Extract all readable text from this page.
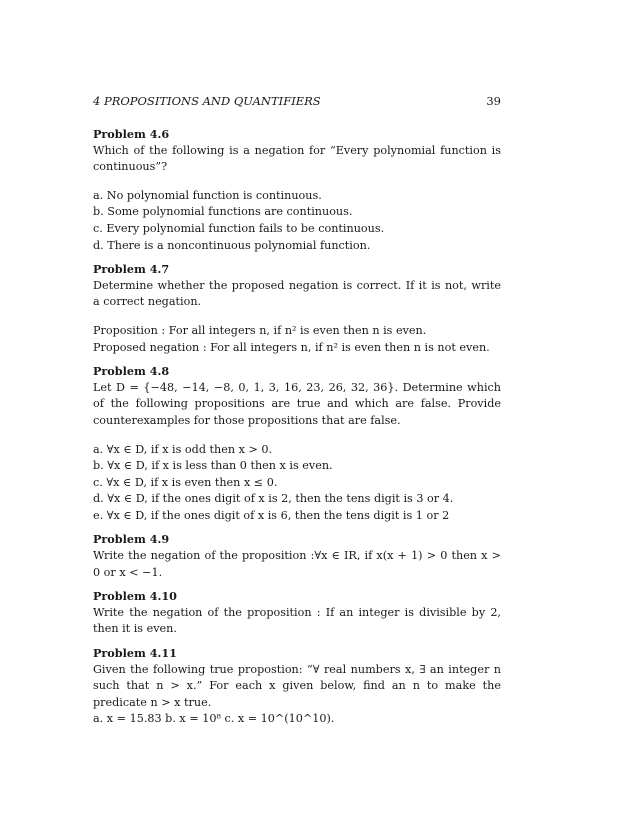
4 PROPOSITIONS AND QUANTIFIERS	39
Problem 4.6

Which of the following is a negation for “Every polynomial function is continuous”?

a. No polynomial function is continuous.
b. Some polynomial functions are continuous.
c. Every polynomial function fails to be continuous.
d. There is a noncontinuous polynomial function.
Problem 4.7

Determine whether the proposed negation is correct. If it is not, write a correct negation.

Proposition : For all integers n, if n² is even then n is even.
Proposed negation : For all integers n, if n² is even then n is not even.
Problem 4.8

Let D = {−48, −14, −8, 0, 1, 3, 16, 23, 26, 32, 36}. Determine which of the following propositions are true and which are false. Provide counterexamples for those propositions that are false.

a. ∀x ∈ D, if x is odd then x > 0.
b. ∀x ∈ D, if x is less than 0 then x is even.
c. ∀x ∈ D, if x is even then x ≤ 0.
d. ∀x ∈ D, if the ones digit of x is 2, then the tens digit is 3 or 4.
e. ∀x ∈ D, if the ones digit of x is 6, then the tens digit is 1 or 2
Problem 4.9

Write the negation of the proposition :∀x ∈ IR, if x(x + 1) > 0 then x > 0 or x < −1.

Problem 4.10

Write the negation of the proposition : If an integer is divisible by 2, then it is even.

Problem 4.11

Given the following true propostion: “∀ real numbers x, ∃ an integer n such that n > x.” For each x given below, find an n to make the predicate n > x true.

a. x = 15.83 b. x = 10⁸ c. x = 10^(10^10).
